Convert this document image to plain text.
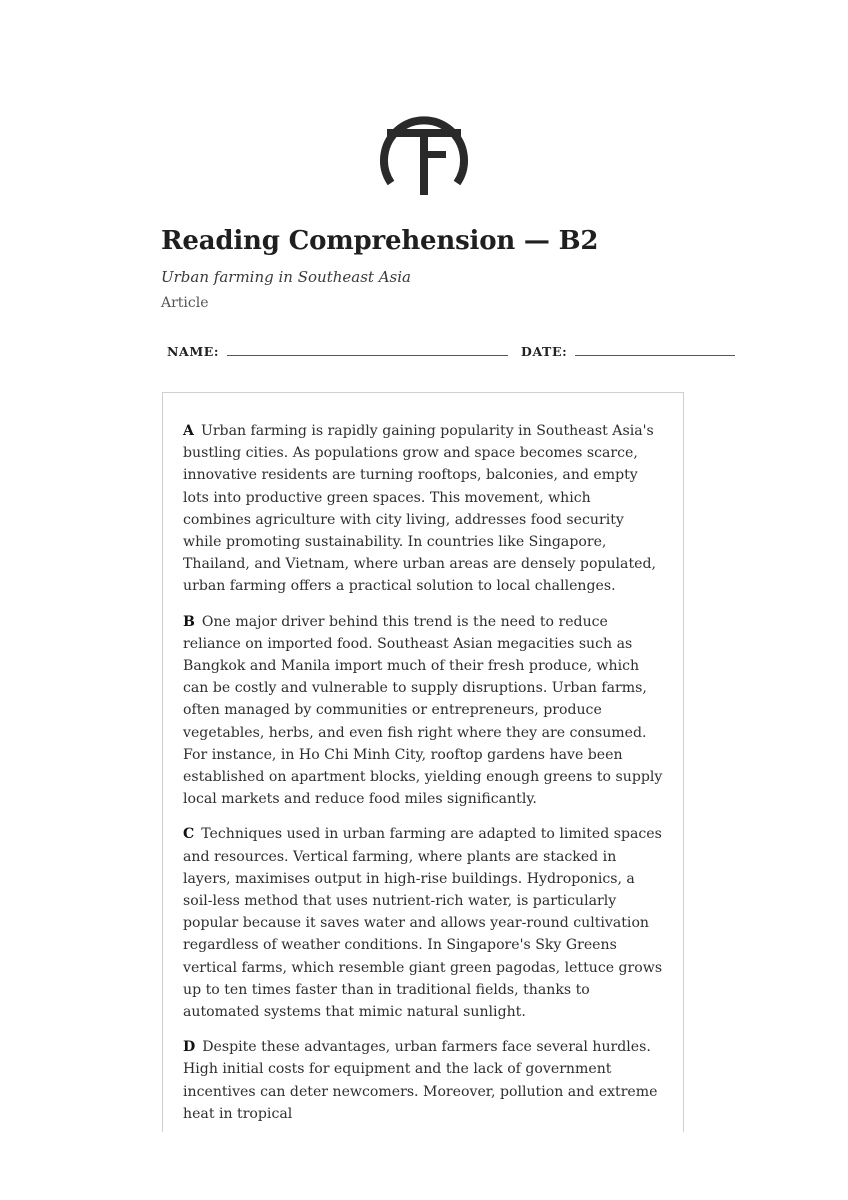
Reading Comprehension — B2
Urban farming in Southeast Asia
Article
NAME:	DATE:

A Urban farming is rapidly gaining popularity in Southeast Asia's bustling cities. As populations grow and space becomes scarce, innovative residents are turning rooftops, balconies, and empty lots into productive green spaces. This movement, which combines agriculture with city living, addresses food security while promoting sustainability. In countries like Singapore, Thailand, and Vietnam, where urban areas are densely populated, urban farming offers a practical solution to local challenges.

B One major driver behind this trend is the need to reduce reliance on imported food. Southeast Asian megacities such as Bangkok and Manila import much of their fresh produce, which can be costly and vulnerable to supply disruptions. Urban farms, often managed by communities or entrepreneurs, produce vegetables, herbs, and even fish right where they are consumed. For instance, in Ho Chi Minh City, rooftop gardens have been established on apartment blocks, yielding enough greens to supply local markets and reduce food miles significantly.

C Techniques used in urban farming are adapted to limited spaces and resources. Vertical farming, where plants are stacked in layers, maximises output in high-rise buildings. Hydroponics, a soil-less method that uses nutrient-rich water, is particularly popular because it saves water and allows year-round cultivation regardless of weather conditions. In Singapore's Sky Greens vertical farms, which resemble giant green pagodas, lettuce grows up to ten times faster than in traditional fields, thanks to automated systems that mimic natural sunlight.

D Despite these advantages, urban farmers face several hurdles. High initial costs for equipment and the lack of government incentives can deter newcomers. Moreover, pollution and extreme heat in tropical
